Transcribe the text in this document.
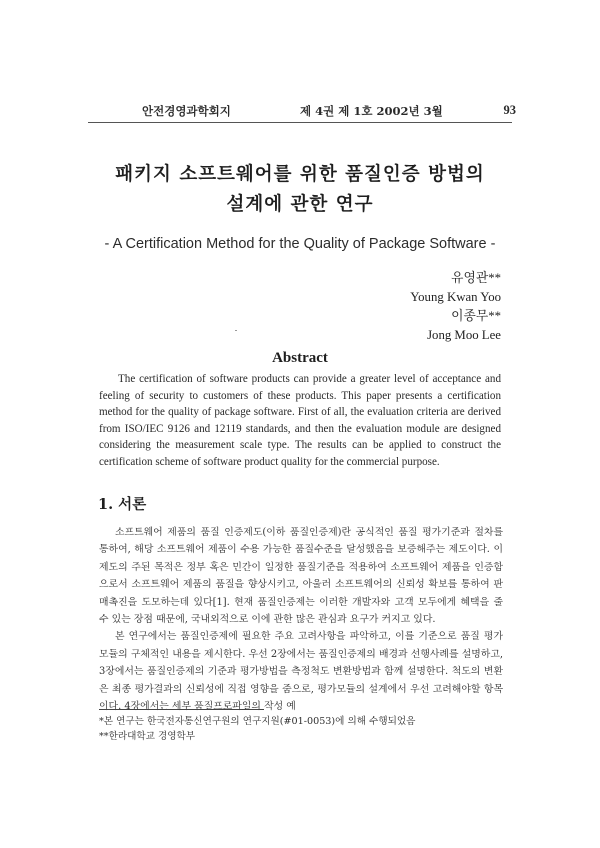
안전경영과학회지	제 4권 제 1호 2002년 3월	93
패키지 소프트웨어를 위한 품질인증 방법의
설계에 관한 연구
- A Certification Method for the Quality of Package Software -
유영관**
Young Kwan Yoo
이종무**
Jong Moo Lee
Abstract

The certification of software products can provide a greater level of acceptance and feeling of security to customers of these products. This paper presents a certification method for the quality of package software. First of all, the evaluation criteria are derived from ISO/IEC 9126 and 12119 standards, and then the evaluation module are designed considering the measurement scale type. The results can be applied to construct the certification scheme of software product quality for the commercial purpose.

1. 서론

소프트웨어 제품의 품질 인증제도(이하 품질인증제)란 공식적인 품질 평가기준과 절차를 통하여, 해당 소프트웨어 제품이 수용 가능한 품질수준을 달성했음을 보증해주는 제도이다. 이 제도의 주된 목적은 정부 혹은 민간이 일정한 품질기준을 적용하여 소프트웨어 제품을 인증함으로서 소프트웨어 제품의 품질을 향상시키고, 아울러 소프트웨어의 신뢰성 확보를 통하여 판매촉진을 도모하는데 있다[1]. 현재 품질인증제는 이러한 개발자와 고객 모두에게 혜택을 줄 수 있는 장점 때문에, 국내외적으로 이에 관한 많은 관심과 요구가 커지고 있다.

본 연구에서는 품질인증제에 필요한 주요 고려사항을 파악하고, 이를 기준으로 품질 평가 모듈의 구체적인 내용을 제시한다. 우선 2장에서는 품질인증제의 배경과 선행사례를 설명하고, 3장에서는 품질인증제의 기준과 평가방법을 측정척도 변환방법과 함께 설명한다. 척도의 변환은 최종 평가결과의 신뢰성에 직접 영향을 줌으로, 평가모듈의 설계에서 우선 고려해야할 항목이다. 4장에서는 세부 품질프로파일의 작성 예

*본 연구는 한국전자통신연구원의 연구지원(#01-0053)에 의해 수행되었음
**한라대학교 경영학부
